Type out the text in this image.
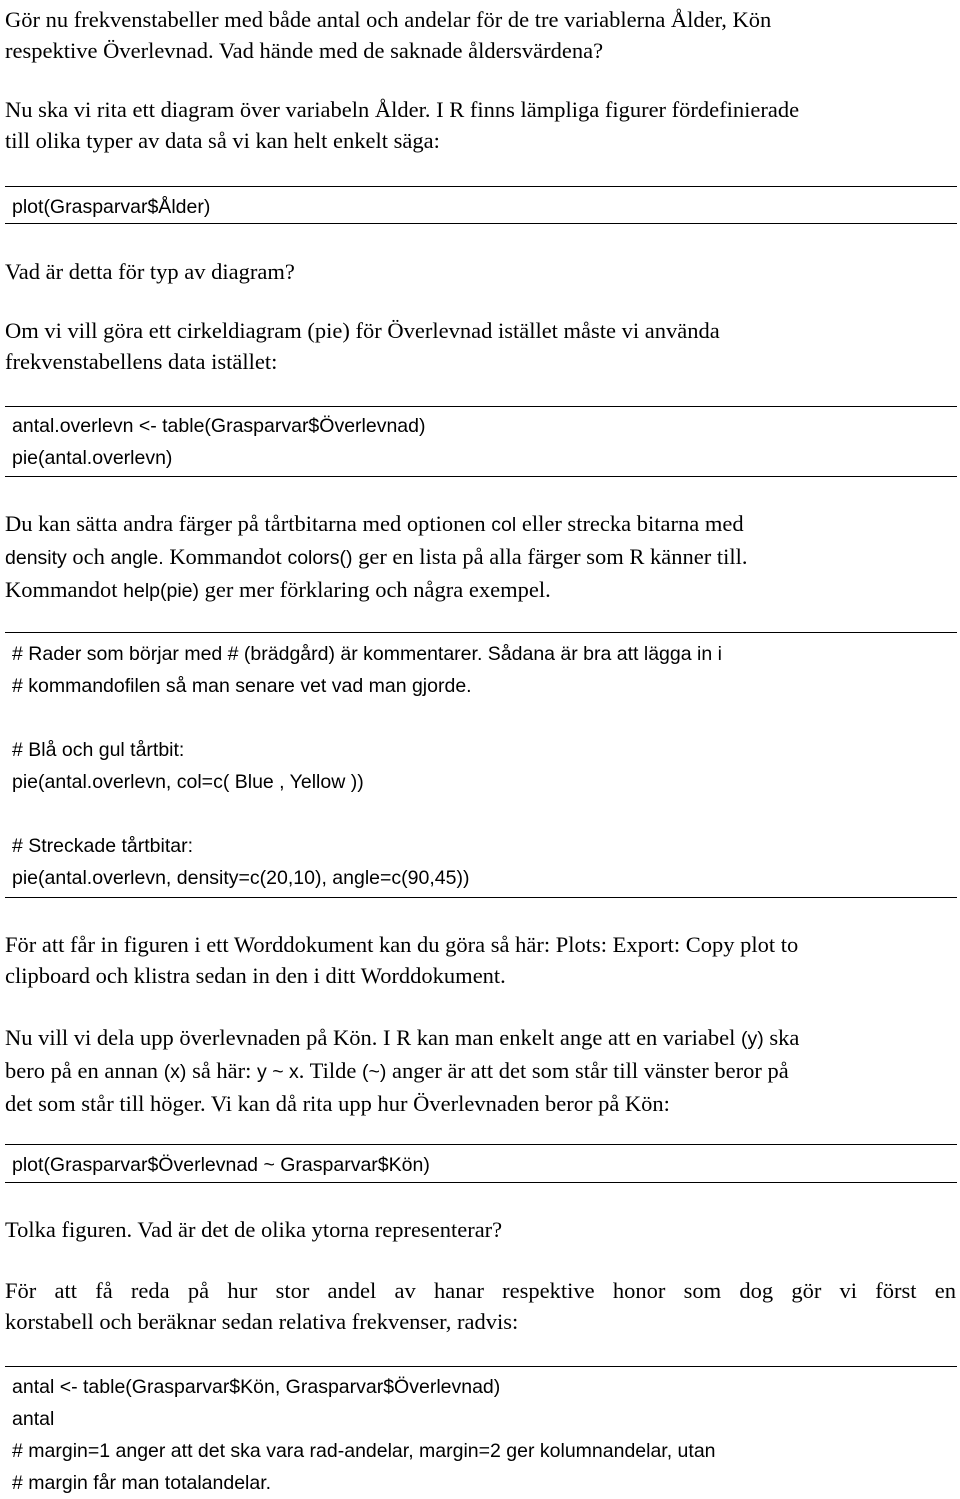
Gör nu frekvenstabeller med både antal och andelar för de tre variablerna Ålder, Kön
respektive Överlevnad. Vad hände med de saknade åldersvärdena?
Nu ska vi rita ett diagram över variabeln Ålder. I R finns lämpliga figurer fördefinierade
till olika typer av data så vi kan helt enkelt säga:
plot(Grasparvar$Ålder)
Vad är detta för typ av diagram?
Om vi vill göra ett cirkeldiagram (pie) för Överlevnad istället måste vi använda
frekvenstabellens data istället:
antal.overlevn <- table(Grasparvar$Överlevnad)
pie(antal.overlevn)
Du kan sätta andra färger på tårtbitarna med optionen col eller strecka bitarna med
density och angle. Kommandot colors() ger en lista på alla färger som R känner till.
Kommandot help(pie) ger mer förklaring och några exempel.
# Rader som börjar med # (brädgård) är kommentarer. Sådana är bra att lägga in i
# kommandofilen så man senare vet vad man gjorde.
# Blå och gul tårtbit:
pie(antal.overlevn, col=c( Blue , Yellow ))
# Streckade tårtbitar:
pie(antal.overlevn, density=c(20,10), angle=c(90,45))
För att får in figuren i ett Worddokument kan du göra så här: Plots: Export: Copy plot to
clipboard och klistra sedan in den i ditt Worddokument.
Nu vill vi dela upp överlevnaden på Kön. I R kan man enkelt ange att en variabel (y) ska
bero på en annan (x) så här: y ~ x. Tilde (~) anger är att det som står till vänster beror på
det som står till höger. Vi kan då rita upp hur Överlevnaden beror på Kön:
plot(Grasparvar$Överlevnad ~ Grasparvar$Kön)
Tolka figuren. Vad är det de olika ytorna representerar?
För att få reda på hur stor andel av hanar respektive honor som dog gör vi först en
korstabell och beräknar sedan relativa frekvenser, radvis:
antal <- table(Grasparvar$Kön, Grasparvar$Överlevnad)
antal
# margin=1 anger att det ska vara rad-andelar, margin=2 ger kolumnandelar, utan
# margin får man totalandelar.
